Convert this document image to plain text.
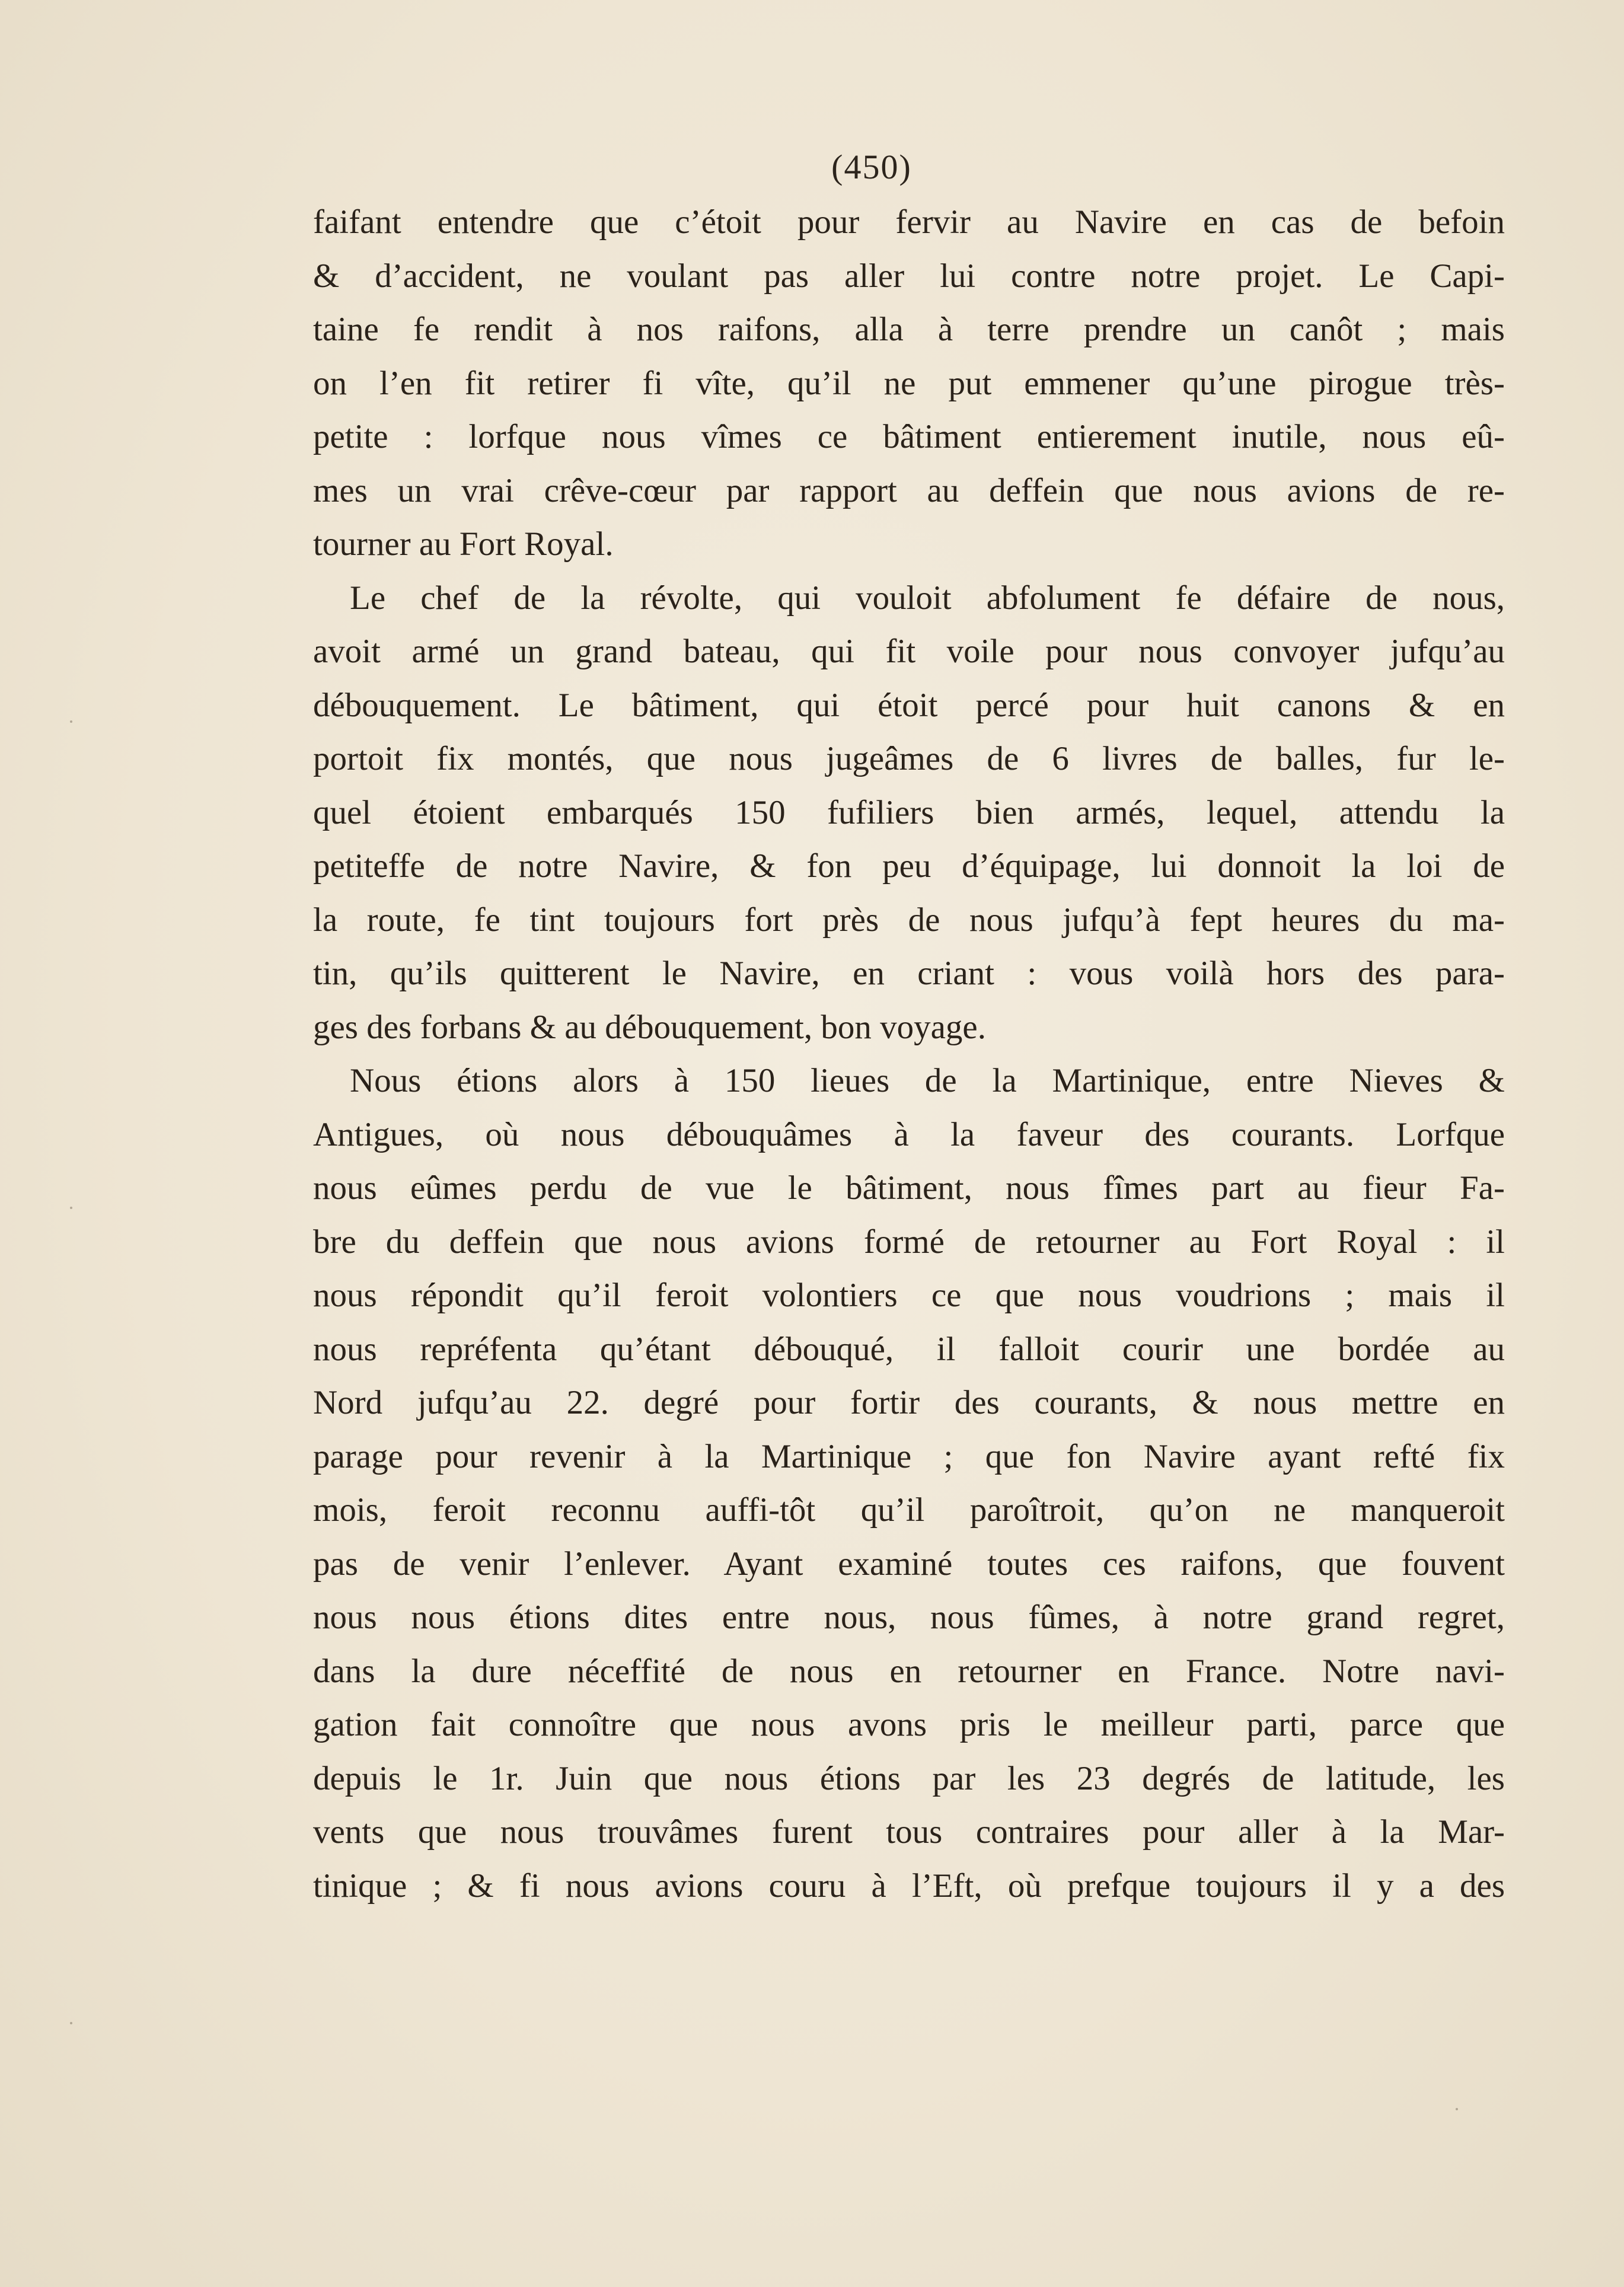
(450)
faifant entendre que c’étoit pour fervir au Navire en cas de befoin
& d’accident, ne voulant pas aller lui contre notre projet. Le Capi-
taine fe rendit à nos raifons, alla à terre prendre un canôt ; mais
on l’en fit retirer fi vîte, qu’il ne put emmener qu’une pirogue très-
petite : lorfque nous vîmes ce bâtiment entierement inutile, nous eû-
mes un vrai crêve-cœur par rapport au deffein que nous avions de re-
tourner au Fort Royal.
Le chef de la révolte, qui vouloit abfolument fe défaire de nous,
avoit armé un grand bateau, qui fit voile pour nous convoyer jufqu’au
débouquement. Le bâtiment, qui étoit percé pour huit canons & en
portoit fix montés, que nous jugeâmes de 6 livres de balles, fur le-
quel étoient embarqués 150 fufiliers bien armés, lequel, attendu la
petiteffe de notre Navire, & fon peu d’équipage, lui donnoit la loi de
la route, fe tint toujours fort près de nous jufqu’à fept heures du ma-
tin, qu’ils quitterent le Navire, en criant : vous voilà hors des para-
ges des forbans & au débouquement, bon voyage.
Nous étions alors à 150 lieues de la Martinique, entre Nieves &
Antigues, où nous débouquâmes à la faveur des courants. Lorfque
nous eûmes perdu de vue le bâtiment, nous fîmes part au fieur Fa-
bre du deffein que nous avions formé de retourner au Fort Royal : il
nous répondit qu’il feroit volontiers ce que nous voudrions ; mais il
nous repréfenta qu’étant débouqué, il falloit courir une bordée au
Nord jufqu’au 22. degré pour fortir des courants, & nous mettre en
parage pour revenir à la Martinique ; que fon Navire ayant refté fix
mois, feroit reconnu auffi-tôt qu’il paroîtroit, qu’on ne manqueroit
pas de venir l’enlever. Ayant examiné toutes ces raifons, que fouvent
nous nous étions dites entre nous, nous fûmes, à notre grand regret,
dans la dure néceffité de nous en retourner en France. Notre navi-
gation fait connoître que nous avons pris le meilleur parti, parce que
depuis le 1r. Juin que nous étions par les 23 degrés de latitude, les
vents que nous trouvâmes furent tous contraires pour aller à la Mar-
tinique ; & fi nous avions couru à l’Eft, où prefque toujours il y a des
